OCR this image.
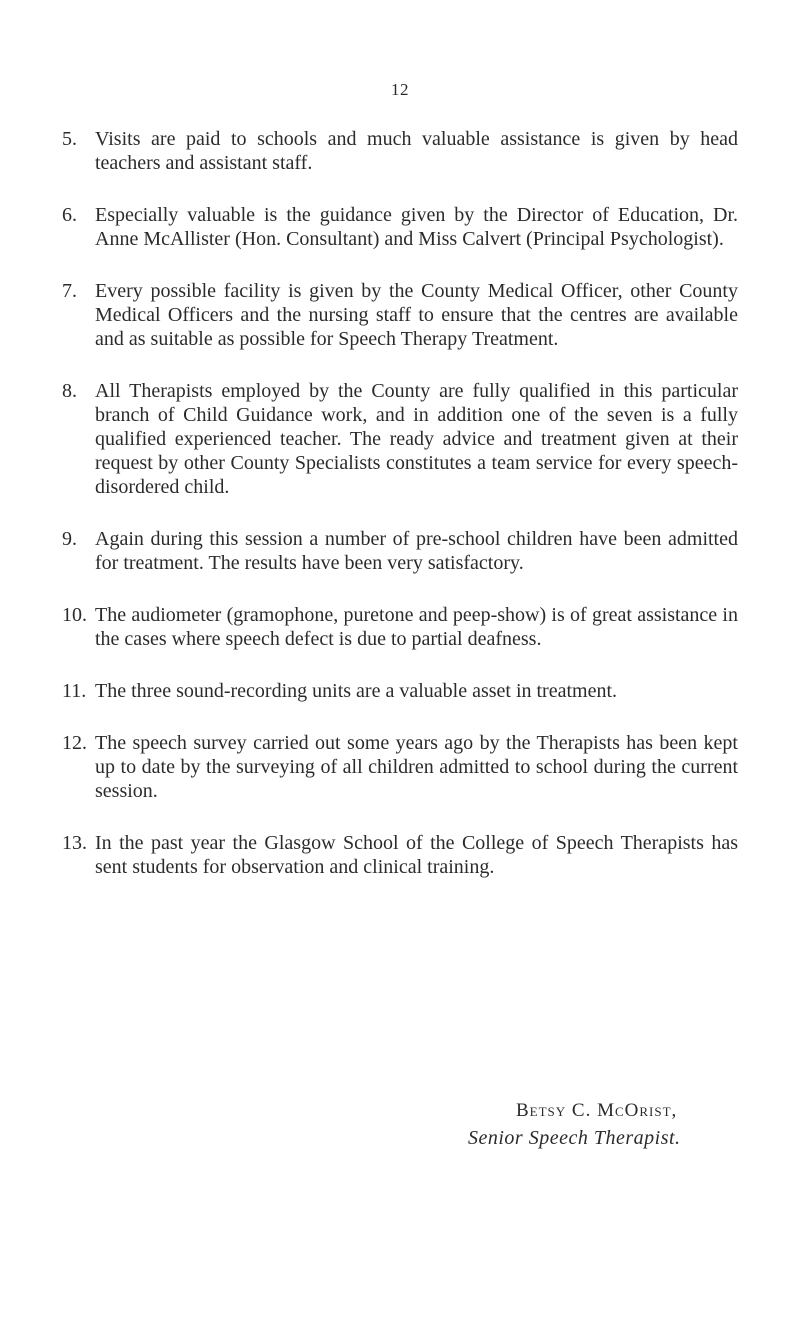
12
5. Visits are paid to schools and much valuable assistance is given by head teachers and assistant staff.
6. Especially valuable is the guidance given by the Director of Education, Dr. Anne McAllister (Hon. Consultant) and Miss Calvert (Principal Psychologist).
7. Every possible facility is given by the County Medical Officer, other County Medical Officers and the nursing staff to ensure that the centres are available and as suitable as possible for Speech Therapy Treatment.
8. All Therapists employed by the County are fully qualified in this particular branch of Child Guidance work, and in addition one of the seven is a fully qualified experienced teacher. The ready advice and treatment given at their request by other County Specialists constitutes a team service for every speech-disordered child.
9. Again during this session a number of pre-school children have been admitted for treatment. The results have been very satisfactory.
10. The audiometer (gramophone, puretone and peep-show) is of great assistance in the cases where speech defect is due to partial deafness.
11. The three sound-recording units are a valuable asset in treatment.
12. The speech survey carried out some years ago by the Therapists has been kept up to date by the surveying of all children admitted to school during the current session.
13. In the past year the Glasgow School of the College of Speech Therapists has sent students for observation and clinical training.
Betsy C. McOrist,
Senior Speech Therapist.
